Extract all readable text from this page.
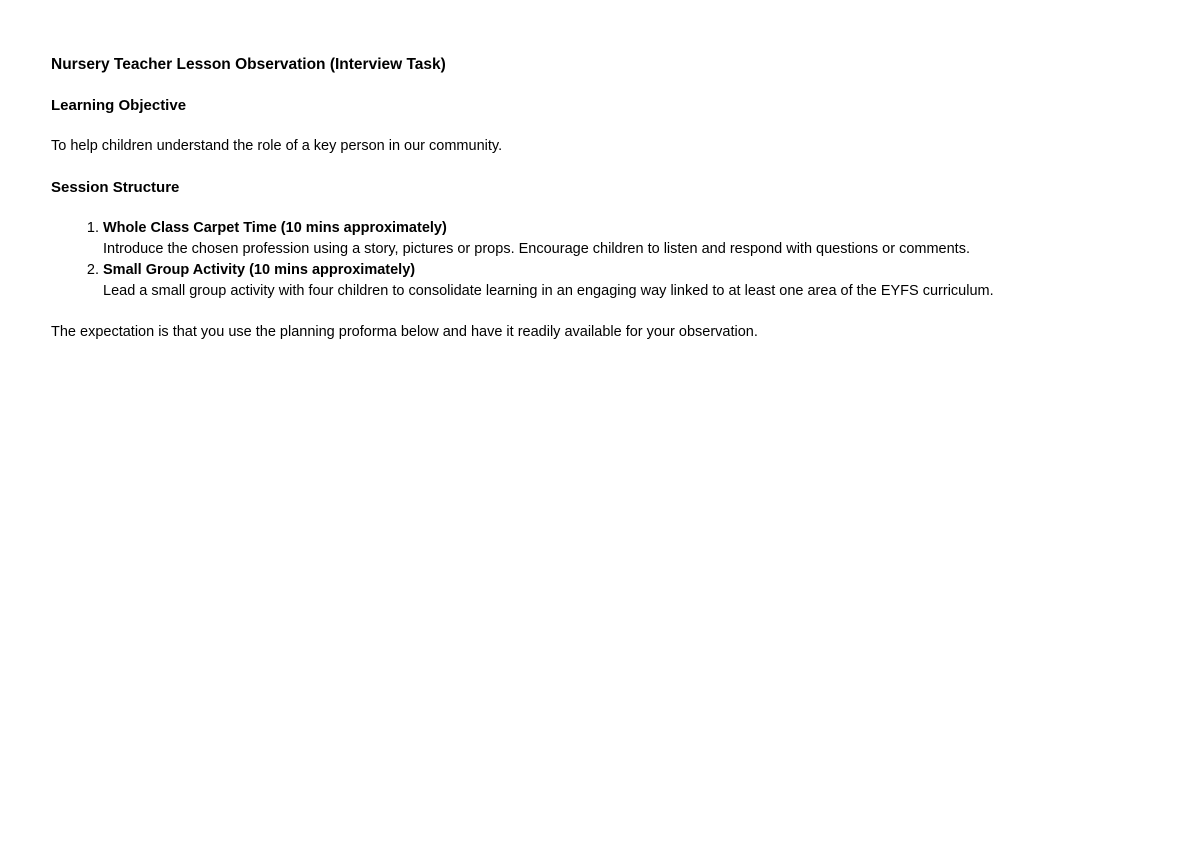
Nursery Teacher Lesson Observation (Interview Task)

Learning Objective

To help children understand the role of a key person in our community.

Session Structure

1. Whole Class Carpet Time (10 mins approximately)
Introduce the chosen profession using a story, pictures or props. Encourage children to listen and respond with questions or comments.
2. Small Group Activity (10 mins approximately)
Lead a small group activity with four children to consolidate learning in an engaging way linked to at least one area of the EYFS curriculum.

The expectation is that you use the planning proforma below and have it readily available for your observation.
